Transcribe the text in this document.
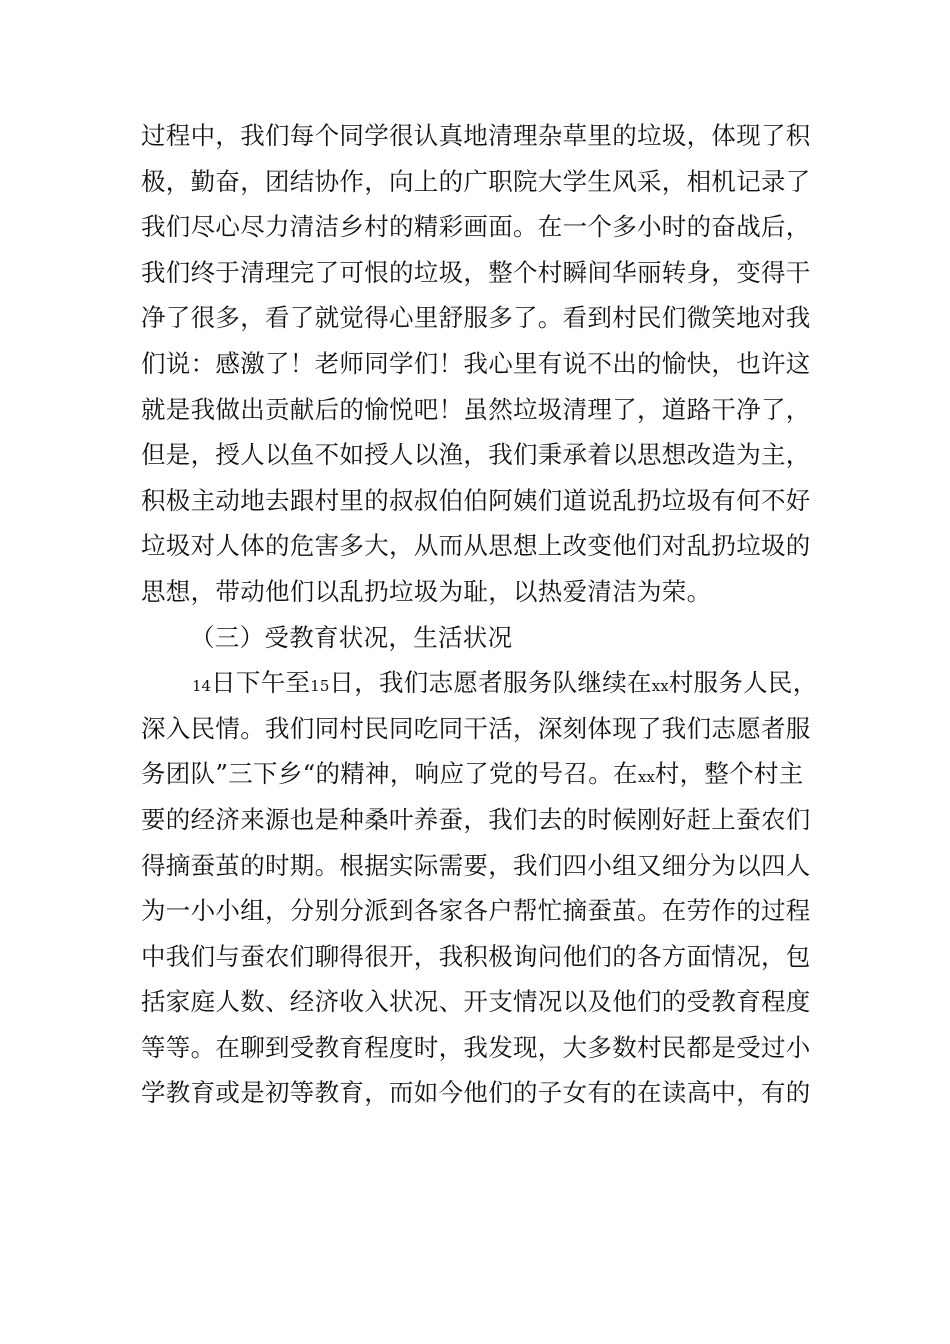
过程中，我们每个同学很认真地清理杂草里的垃圾，体现了积
极，勤奋，团结协作，向上的广职院大学生风采，相机记录了
我们尽心尽力清洁乡村的精彩画面。在一个多小时的奋战后，
我们终于清理完了可恨的垃圾，整个村瞬间华丽转身，变得干
净了很多，看了就觉得心里舒服多了。看到村民们微笑地对我
们说：感激了！老师同学们！我心里有说不出的愉快，也许这
就是我做出贡献后的愉悦吧！虽然垃圾清理了，道路干净了，
但是，授人以鱼不如授人以渔，我们秉承着以思想改造为主，
积极主动地去跟村里的叔叔伯伯阿姨们道说乱扔垃圾有何不好
垃圾对人体的危害多大，从而从思想上改变他们对乱扔垃圾的
思想，带动他们以乱扔垃圾为耻，以热爱清洁为荣。
（三）受教育状况，生活状况
14日下午至15日，我们志愿者服务队继续在xx村服务人民，
深入民情。我们同村民同吃同干活，深刻体现了我们志愿者服
务团队”三下乡“的精神，响应了党的号召。在xx村，整个村主
要的经济来源也是种桑叶养蚕，我们去的时候刚好赶上蚕农们
得摘蚕茧的时期。根据实际需要，我们四小组又细分为以四人
为一小小组，分别分派到各家各户帮忙摘蚕茧。在劳作的过程
中我们与蚕农们聊得很开，我积极询问他们的各方面情况，包
括家庭人数、经济收入状况、开支情况以及他们的受教育程度
等等。在聊到受教育程度时，我发现，大多数村民都是受过小
学教育或是初等教育，而如今他们的子女有的在读高中，有的
